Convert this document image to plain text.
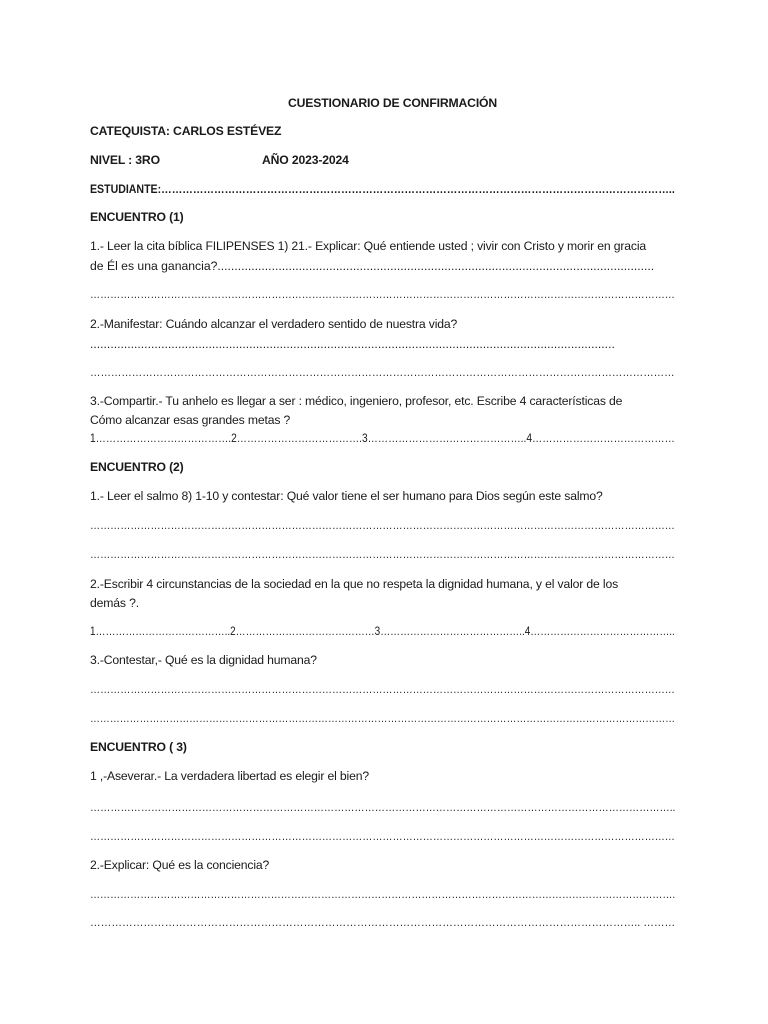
CUESTIONARIO DE CONFIRMACIÓN
CATEQUISTA: CARLOS ESTÉVEZ
NIVEL : 3RO	AÑO 2023-2024
ESTUDIANTE:………………………………………………………………………………………………………………………………..
ENCUENTRO (1)
1.- Leer la cita bíblica FILIPENSES 1) 21.- Explicar: Qué entiende usted ; vivir con Cristo y morir en gracia
de Él es una ganancia?.................................................................................................................................
…………………………………………………………………………………………………………………………………………………………
2.-Manifestar: Cuándo alcanzar el verdadero sentido de nuestra vida?
...........................................................................................................................................................
……………………………………………………………………………………………………………………………………………………
3.-Compartir.- Tu anhelo es llegar a ser : médico, ingeniero, profesor, etc. Escribe 4 características de
Cómo alcanzar esas grandes metas ?
1………………………………….2……………………………….3………………………………………..4……………………………………
ENCUENTRO (2)
1.- Leer el salmo 8) 1-10 y contestar: Qué valor tiene el ser humano para Dios según este salmo?
…………………………………………………………………………………………………………………………………………………………
…………………………………………………………………………………………………………………………………………………………
2.-Escribir 4 circunstancias de la sociedad en la que no respeta la dignidad humana, y el valor de los
demás ?.
1…………………………………..2……………………………………3……………………………………..4……………………………………..
3.-Contestar,- Qué es la dignidad humana?
…………………………………………………………………………………………………………………………………………………………
……………………………………………………………………………………………………………………………………………………………
ENCUENTRO ( 3)
1 ,-Aseverar.- La verdadera libertad es elegir el bien?
………………………………………………………………………………………………………………………………………………………..
…………………………………………………………………………………………………………………………………………………………
2.-Explicar: Qué es la conciencia?
………………………………………………………………………………………………………………………………………………………….
……………………………………………………………………………………………………………………………………….. ………
